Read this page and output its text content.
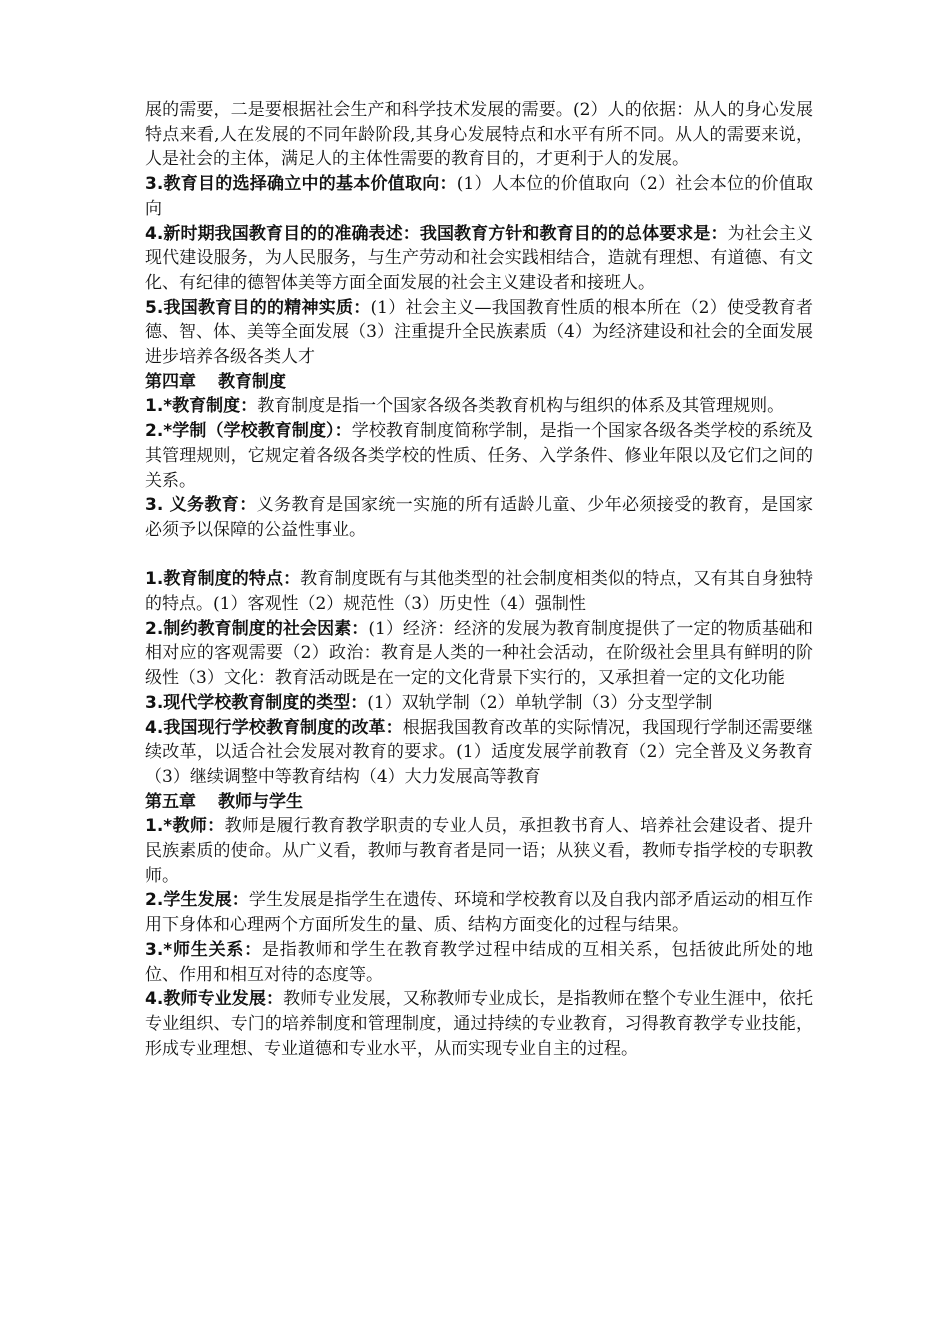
展的需要，二是要根据社会生产和科学技术发展的需要。(2）人的依据：从人的身心发展特点来看,人在发展的不同年龄阶段,其身心发展特点和水平有所不同。从人的需要来说，人是社会的主体，满足人的主体性需要的教育目的，才更利于人的发展。

3.教育目的选择确立中的基本价值取向：(1）人本位的价值取向（2）社会本位的价值取向

4.新时期我国教育目的的准确表述：我国教育方针和教育目的的总体要求是：为社会主义现代建设服务，为人民服务，与生产劳动和社会实践相结合，造就有理想、有道德、有文化、有纪律的德智体美等方面全面发展的社会主义建设者和接班人。

5.我国教育目的的精神实质：(1）社会主义—我国教育性质的根本所在（2）使受教育者德、智、体、美等全面发展（3）注重提升全民族素质（4）为经济建设和社会的全面发展进步培养各级各类人才

第四章 教育制度

1.*教育制度：教育制度是指一个国家各级各类教育机构与组织的体系及其管理规则。

2.*学制（学校教育制度）：学校教育制度简称学制，是指一个国家各级各类学校的系统及其管理规则，它规定着各级各类学校的性质、任务、入学条件、修业年限以及它们之间的关系。

3. 义务教育：义务教育是国家统一实施的所有适龄儿童、少年必须接受的教育，是国家必须予以保障的公益性事业。

1.教育制度的特点：教育制度既有与其他类型的社会制度相类似的特点，又有其自身独特的特点。(1）客观性（2）规范性（3）历史性（4）强制性

2.制约教育制度的社会因素：(1）经济：经济的发展为教育制度提供了一定的物质基础和相对应的客观需要（2）政治：教育是人类的一种社会活动，在阶级社会里具有鲜明的阶级性（3）文化：教育活动既是在一定的文化背景下实行的，又承担着一定的文化功能

3.现代学校教育制度的类型：(1）双轨学制（2）单轨学制（3）分支型学制

4.我国现行学校教育制度的改革：根据我国教育改革的实际情况，我国现行学制还需要继续改革，以适合社会发展对教育的要求。(1）适度发展学前教育（2）完全普及义务教育（3）继续调整中等教育结构（4）大力发展高等教育

第五章 教师与学生

1.*教师：教师是履行教育教学职责的专业人员，承担教书育人、培养社会建设者、提升民族素质的使命。从广义看，教师与教育者是同一语；从狭义看，教师专指学校的专职教师。

2.学生发展：学生发展是指学生在遗传、环境和学校教育以及自我内部矛盾运动的相互作用下身体和心理两个方面所发生的量、质、结构方面变化的过程与结果。

3.*师生关系：是指教师和学生在教育教学过程中结成的互相关系，包括彼此所处的地位、作用和相互对待的态度等。

4.教师专业发展：教师专业发展，又称教师专业成长，是指教师在整个专业生涯中，依托专业组织、专门的培养制度和管理制度，通过持续的专业教育，习得教育教学专业技能，形成专业理想、专业道德和专业水平，从而实现专业自主的过程。
